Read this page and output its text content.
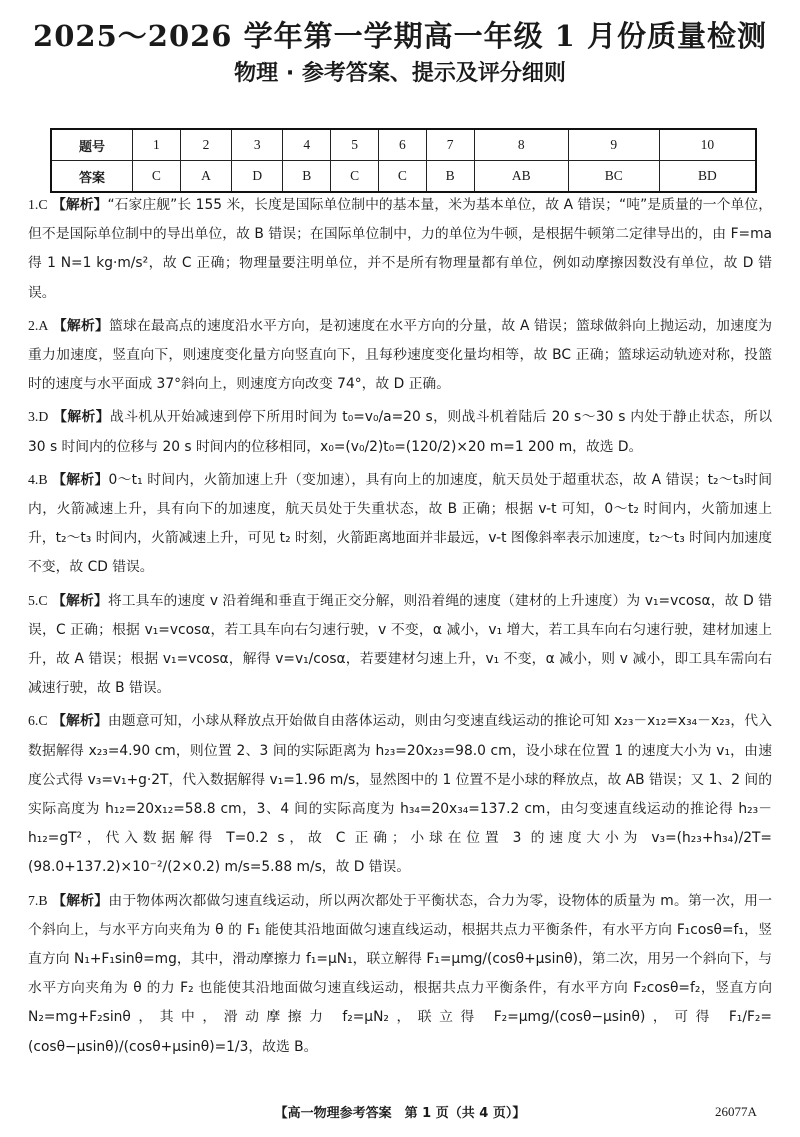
2025～2026 学年第一学期高一年级 1 月份质量检测
物理 · 参考答案、提示及评分细则
题号	1	2	3	4	5	6	7	8	9	10
答案	C	A	D	B	C	C	B	AB	BC	BD

1.C 【解析】“石家庄舰”长 155 米，长度是国际单位制中的基本量，米为基本单位，故 A 错误；“吨”是质量的一个单位，但不是国际单位制中的导出单位，故 B 错误；在国际单位制中，力的单位为牛顿，是根据牛顿第二定律导出的，由 F=ma 得 1 N=1 kg·m/s²，故 C 正确；物理量要注明单位，并不是所有物理量都有单位，例如动摩擦因数没有单位，故 D 错误。

2.A 【解析】篮球在最高点的速度沿水平方向，是初速度在水平方向的分量，故 A 错误；篮球做斜向上抛运动，加速度为重力加速度，竖直向下，则速度变化量方向竖直向下，且每秒速度变化量均相等，故 BC 正确；篮球运动轨迹对称，投篮时的速度与水平面成 37°斜向上，则速度方向改变 74°，故 D 正确。

3.D 【解析】战斗机从开始减速到停下所用时间为 t₀=v₀/a=20 s，则战斗机着陆后 20 s～30 s 内处于静止状态，所以 30 s 时间内的位移与 20 s 时间内的位移相同，x₀=(v₀/2)t₀=(120/2)×20 m=1 200 m，故选 D。

4.B 【解析】0～t₁ 时间内，火箭加速上升（变加速），具有向上的加速度，航天员处于超重状态，故 A 错误；t₂～t₃时间内，火箭减速上升，具有向下的加速度，航天员处于失重状态，故 B 正确；根据 v-t 可知，0～t₂ 时间内，火箭加速上升，t₂～t₃ 时间内，火箭减速上升，可见 t₂ 时刻，火箭距离地面并非最远，v-t 图像斜率表示加速度，t₂～t₃ 时间内加速度不变，故 CD 错误。

5.C 【解析】将工具车的速度 v 沿着绳和垂直于绳正交分解，则沿着绳的速度（建材的上升速度）为 v₁=vcosα，故 D 错误，C 正确；根据 v₁=vcosα，若工具车向右匀速行驶，v 不变，α 减小，v₁ 增大，若工具车向右匀速行驶，建材加速上升，故 A 错误；根据 v₁=vcosα，解得 v=v₁/cosα，若要建材匀速上升，v₁ 不变，α 减小，则 v 减小，即工具车需向右减速行驶，故 B 错误。

6.C 【解析】由题意可知，小球从释放点开始做自由落体运动，则由匀变速直线运动的推论可知 x₂₃－x₁₂=x₃₄－x₂₃，代入数据解得 x₂₃=4.90 cm，则位置 2、3 间的实际距离为 h₂₃=20x₂₃=98.0 cm，设小球在位置 1 的速度大小为 v₁，由速度公式得 v₃=v₁+g·2T，代入数据解得 v₁=1.96 m/s，显然图中的 1 位置不是小球的释放点，故 AB 错误；又 1、2 间的实际高度为 h₁₂=20x₁₂=58.8 cm，3、4 间的实际高度为 h₃₄=20x₃₄=137.2 cm，由匀变速直线运动的推论得 h₂₃－h₁₂=gT²，代入数据解得 T=0.2 s，故 C 正确；小球在位置 3 的速度大小为 v₃=(h₂₃+h₃₄)/2T=(98.0+137.2)×10⁻²/(2×0.2) m/s=5.88 m/s，故 D 错误。

7.B 【解析】由于物体两次都做匀速直线运动，所以两次都处于平衡状态，合力为零，设物体的质量为 m。第一次，用一个斜向上，与水平方向夹角为 θ 的 F₁ 能使其沿地面做匀速直线运动，根据共点力平衡条件，有水平方向 F₁cosθ=f₁，竖直方向 N₁+F₁sinθ=mg，其中，滑动摩擦力 f₁=μN₁，联立解得 F₁=μmg/(cosθ+μsinθ)，第二次，用另一个斜向下，与水平方向夹角为 θ 的力 F₂ 也能使其沿地面做匀速直线运动，根据共点力平衡条件，有水平方向 F₂cosθ=f₂，竖直方向 N₂=mg+F₂sinθ，其中，滑动摩擦力 f₂=μN₂，联立得 F₂=μmg/(cosθ−μsinθ)，可得 F₁/F₂=(cosθ−μsinθ)/(cosθ+μsinθ)=1/3，故选 B。

【高一物理参考答案　第 1 页（共 4 页）】	26077A
